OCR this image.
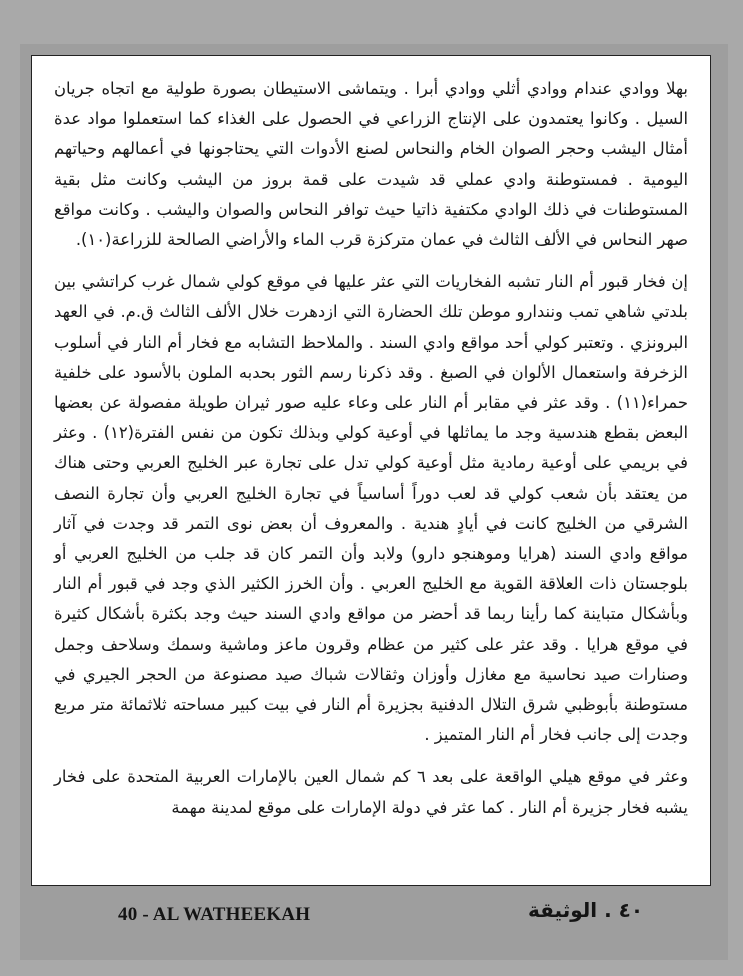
بهلا ووادي عندام ووادي أثلي ووادي أبرا . ويتماشى الاستيطان بصورة طولية مع اتجاه جريان السيل . وكانوا يعتمدون على الإنتاج الزراعي في الحصول على الغذاء كما استعملوا مواد عدة أمثال اليشب وحجر الصوان الخام والنحاس لصنع الأدوات التي يحتاجونها في أعمالهم وحياتهم اليومية . فمستوطنة وادي عملي قد شيدت على قمة بروز من اليشب وكانت مثل بقية المستوطنات في ذلك الوادي مكتفية ذاتيا حيث توافر النحاس والصوان واليشب . وكانت مواقع صهر النحاس في الألف الثالث في عمان متركزة قرب الماء والأراضي الصالحة للزراعة(١٠).

إن فخار قبور أم النار تشبه الفخاريات التي عثر عليها في موقع كولي شمال غرب كراتشي بين بلدتي شاهي تمب ونندارو موطن تلك الحضارة التي ازدهرت خلال الألف الثالث ق.م. في العهد البرونزي . وتعتبر كولي أحد مواقع وادي السند . والملاحظ التشابه مع فخار أم النار في أسلوب الزخرفة واستعمال الألوان في الصبغ . وقد ذكرنا رسم الثور بحدبه الملون بالأسود على خلفية حمراء(١١) . وقد عثر في مقابر أم النار على وعاء عليه صور ثيران طويلة مفصولة عن بعضها البعض بقطع هندسية وجد ما يماثلها في أوعية كولي وبذلك تكون من نفس الفترة(١٢) . وعثر في بريمي على أوعية رمادية مثل أوعية كولي تدل على تجارة عبر الخليج العربي وحتى هناك من يعتقد بأن شعب كولي قد لعب دوراً أساسياً في تجارة الخليج العربي وأن تجارة النصف الشرقي من الخليج كانت في أيادٍ هندية . والمعروف أن بعض نوى التمر قد وجدت في آثار مواقع وادي السند (هرايا وموهنجو دارو) ولابد وأن التمر كان قد جلب من الخليج العربي أو بلوجستان ذات العلاقة القوية مع الخليج العربي . وأن الخرز الكثير الذي وجد في قبور أم النار وبأشكال متباينة كما رأينا ربما قد أحضر من مواقع وادي السند حيث وجد بكثرة بأشكال كثيرة في موقع هرايا . وقد عثر على كثير من عظام وقرون ماعز وماشية وسمك وسلاحف وجمل وصنارات صيد نحاسية مع مغازل وأوزان وثقالات شباك صيد مصنوعة من الحجر الجيري في مستوطنة بأبوظبي شرق التلال الدفنية بجزيرة أم النار في بيت كبير مساحته ثلاثمائة متر مربع وجدت إلى جانب فخار أم النار المتميز .

وعثر في موقع هيلي الواقعة على بعد ٦ كم شمال العين بالإمارات العربية المتحدة على فخار يشبه فخار جزيرة أم النار . كما عثر في دولة الإمارات على موقع لمدينة مهمة

40 - AL WATHEEKAH	٤٠ . الوثيقة
